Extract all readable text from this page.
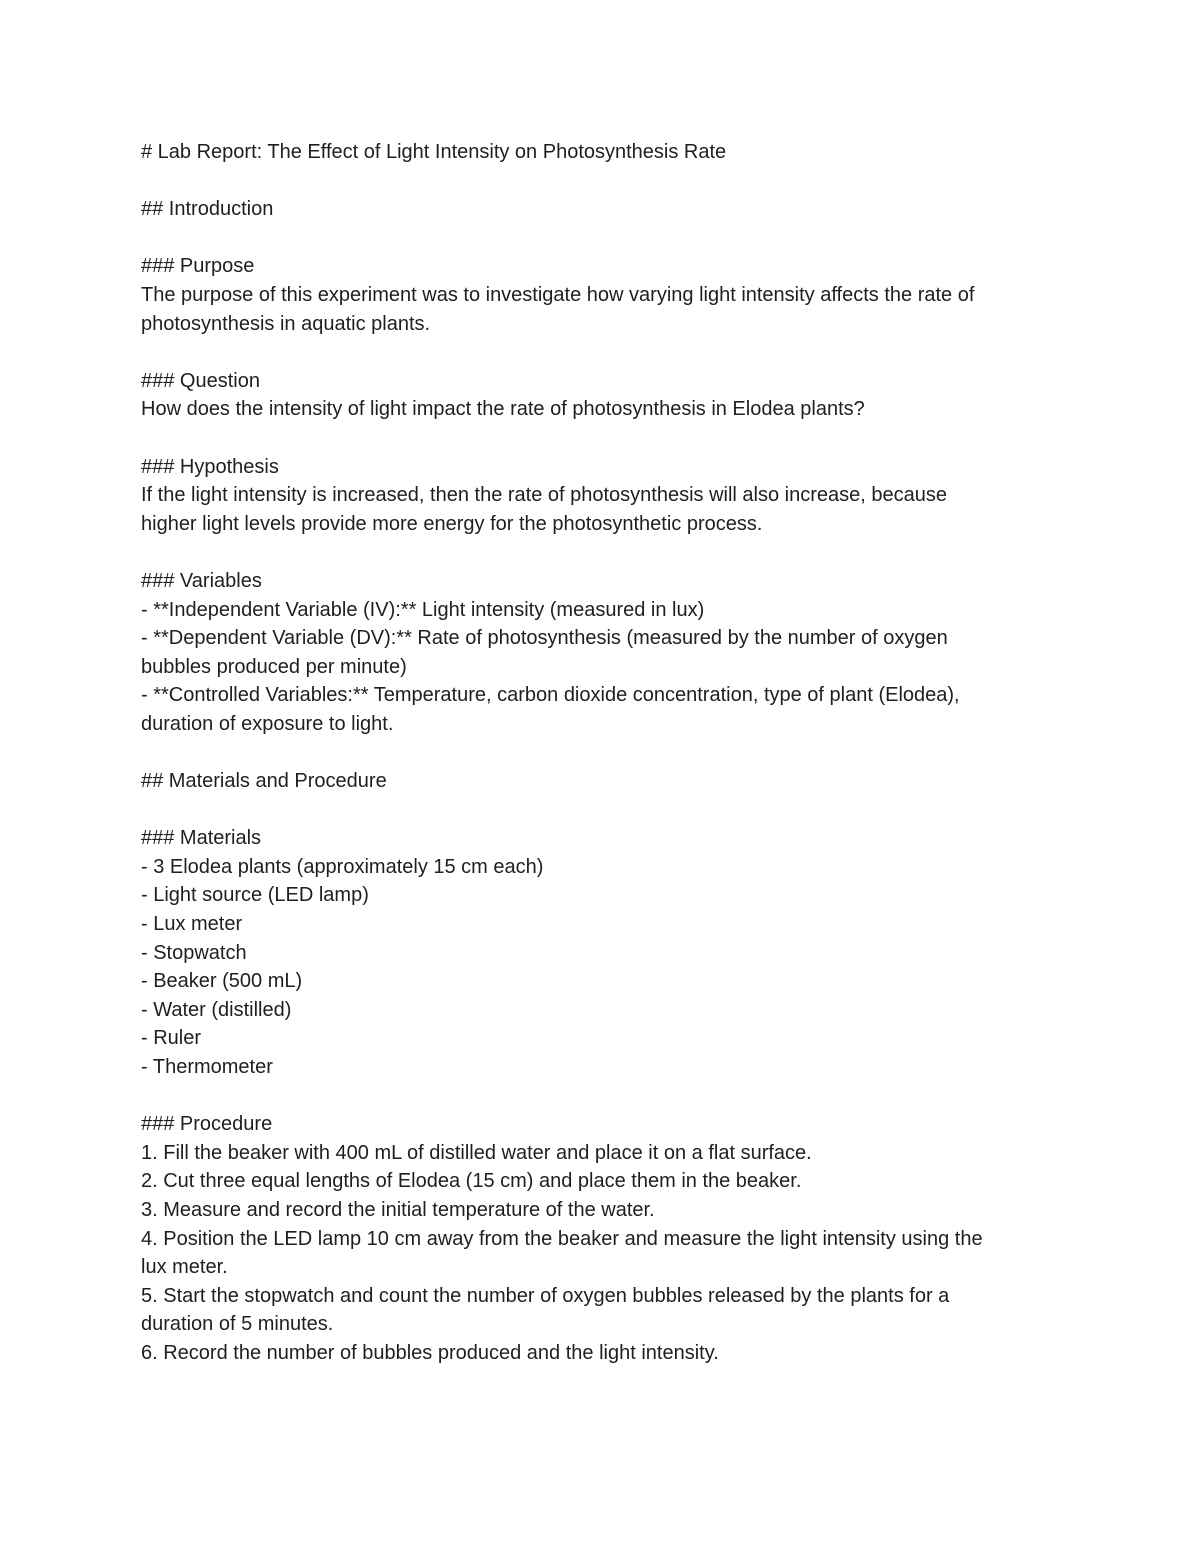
# Lab Report: The Effect of Light Intensity on Photosynthesis Rate

## Introduction

### Purpose

The purpose of this experiment was to investigate how varying light intensity affects the rate of

photosynthesis in aquatic plants.

### Question

How does the intensity of light impact the rate of photosynthesis in Elodea plants?

### Hypothesis

If the light intensity is increased, then the rate of photosynthesis will also increase, because

higher light levels provide more energy for the photosynthetic process.

### Variables

- **Independent Variable (IV):** Light intensity (measured in lux)

- **Dependent Variable (DV):** Rate of photosynthesis (measured by the number of oxygen

bubbles produced per minute)

- **Controlled Variables:** Temperature, carbon dioxide concentration, type of plant (Elodea),

duration of exposure to light.

## Materials and Procedure

### Materials

- 3 Elodea plants (approximately 15 cm each)

- Light source (LED lamp)

- Lux meter

- Stopwatch

- Beaker (500 mL)

- Water (distilled)

- Ruler

- Thermometer

### Procedure

1. Fill the beaker with 400 mL of distilled water and place it on a flat surface.

2. Cut three equal lengths of Elodea (15 cm) and place them in the beaker.

3. Measure and record the initial temperature of the water.

4. Position the LED lamp 10 cm away from the beaker and measure the light intensity using the

lux meter.

5. Start the stopwatch and count the number of oxygen bubbles released by the plants for a

duration of 5 minutes.

6. Record the number of bubbles produced and the light intensity.
